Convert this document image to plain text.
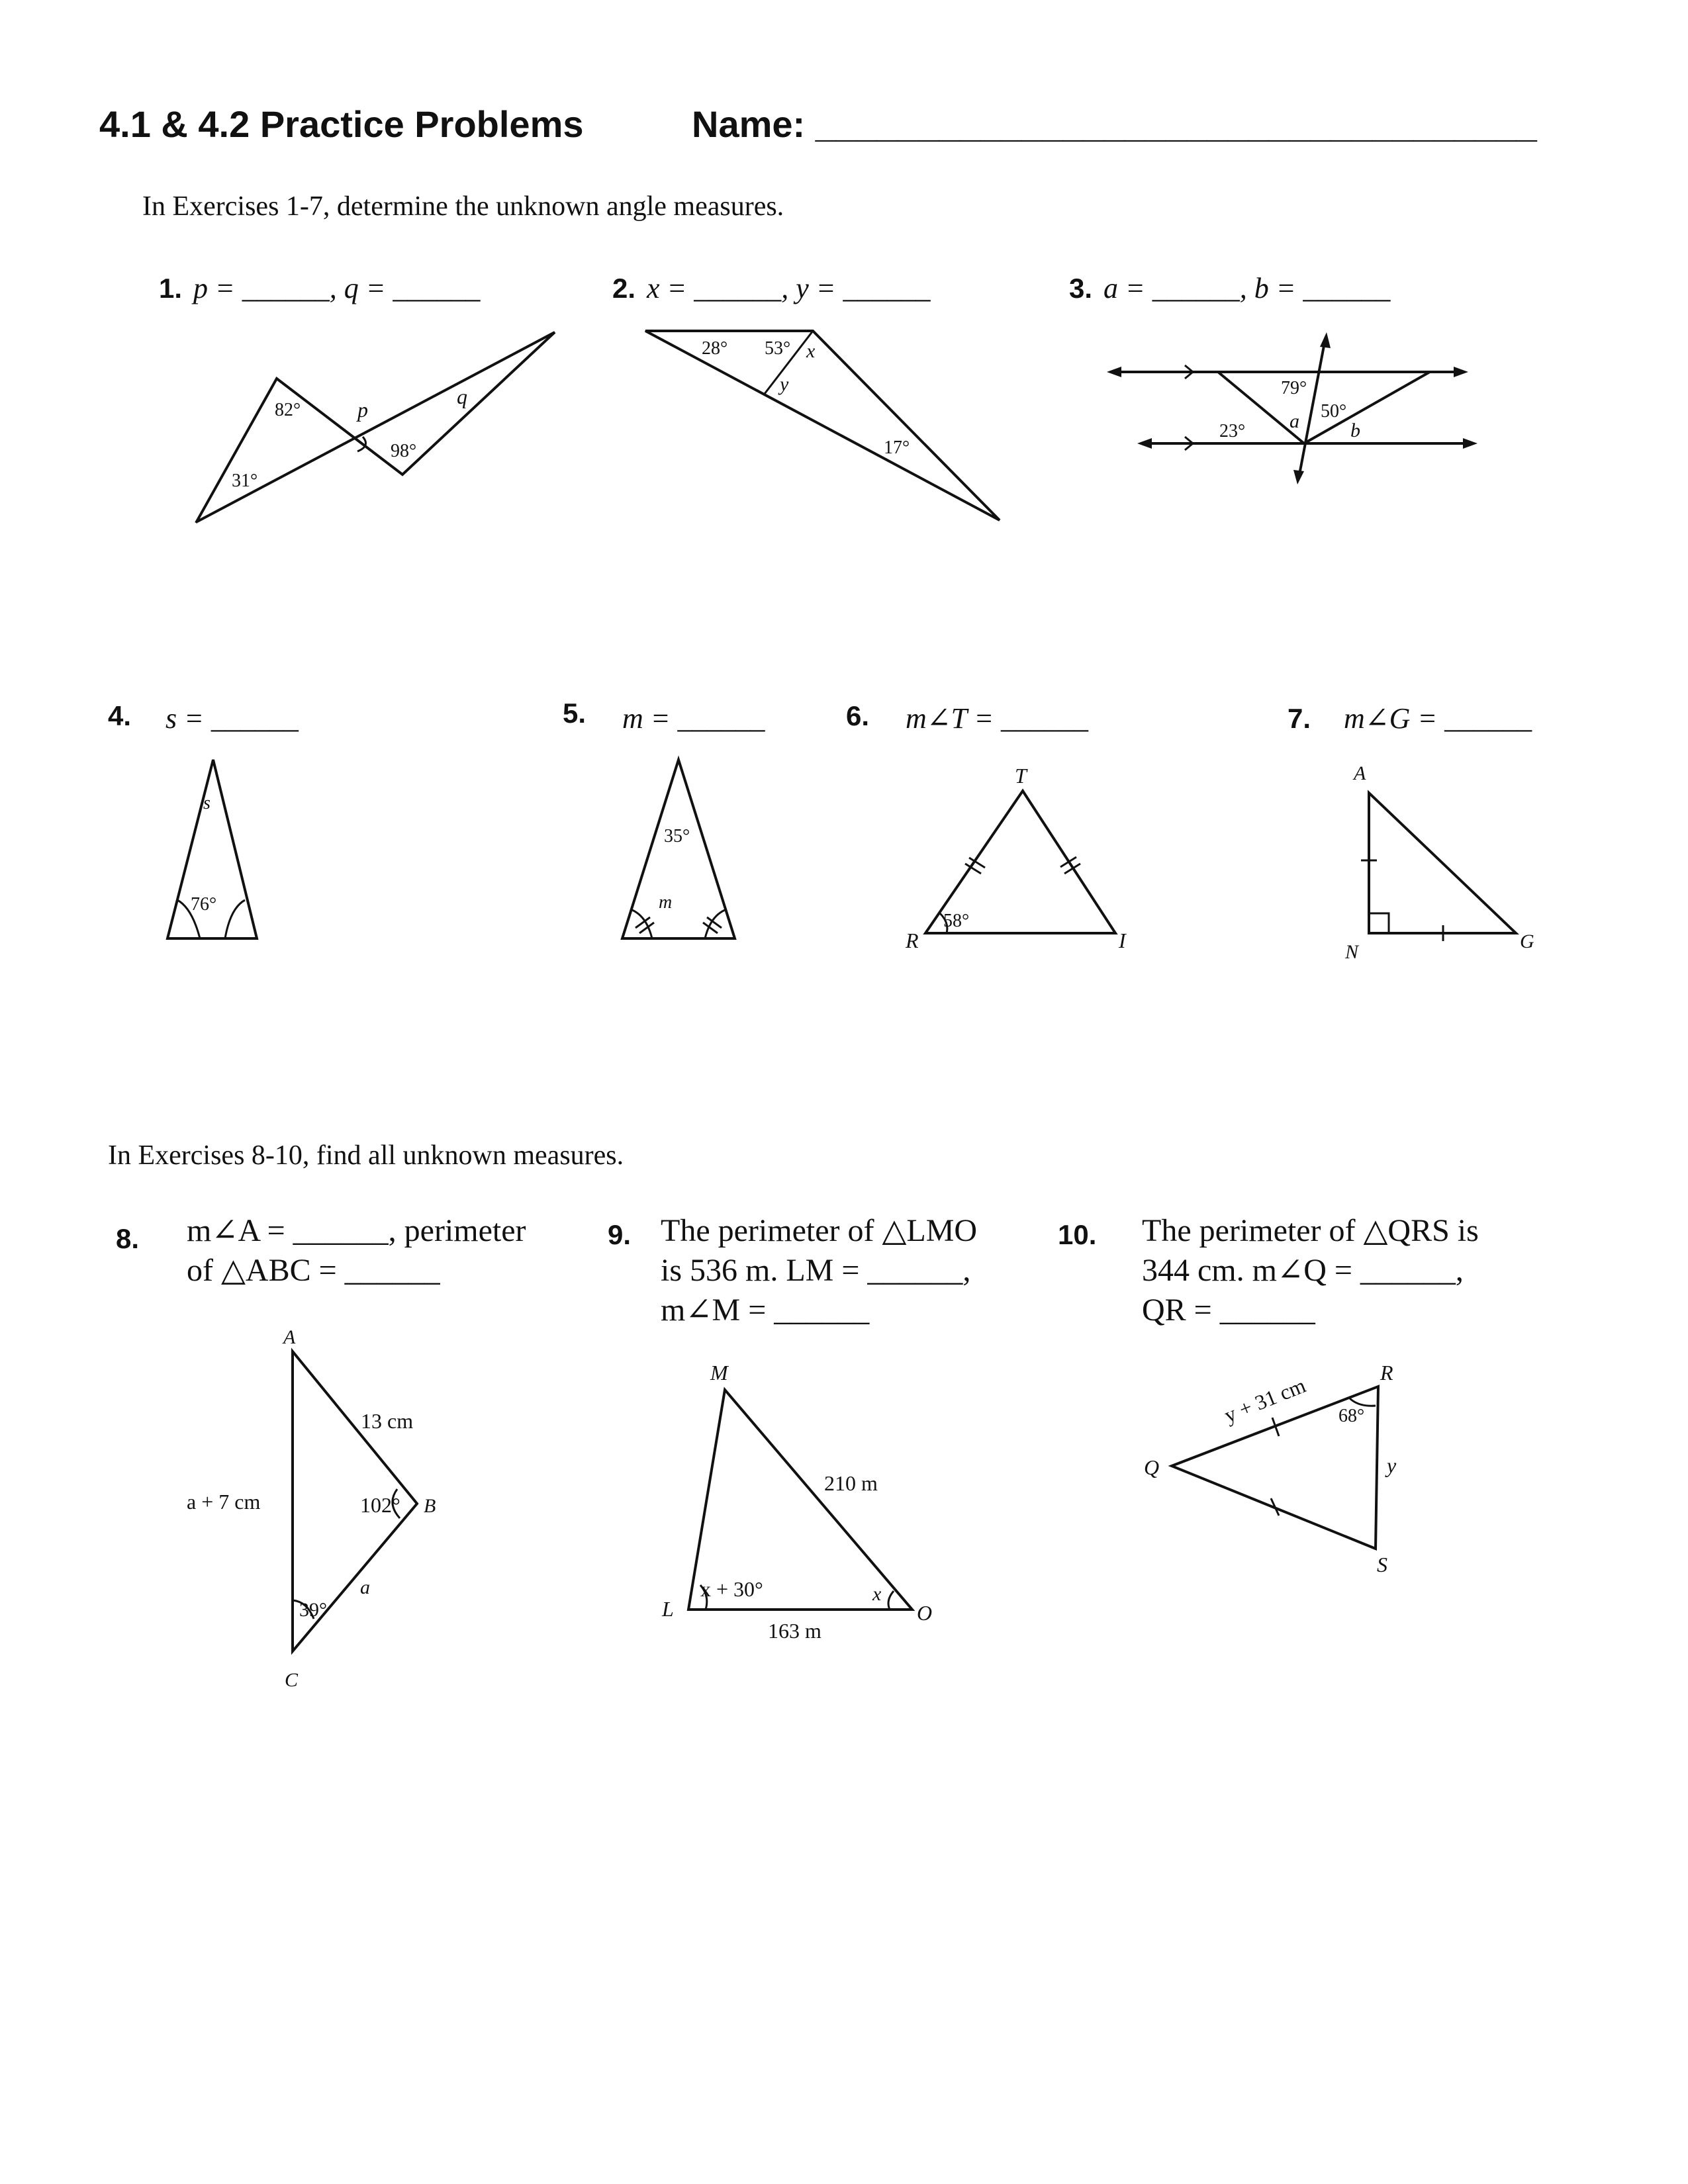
4.1 & 4.2 Practice Problems	Name: ___________________________________
In Exercises 1-7, determine the unknown angle measures.
1. p = ______, q = ______	2. x = ______, y = ______	3. a = ______, b = ______
4. s = ______	5. m = ______	6. m∠T = ______	7. m∠G = ______
In Exercises 8-10, find all unknown measures.
8. m∠A = ______, perimeter
of △ABC = ______
9. The perimeter of △LMO
is 536 m. LM = ______,
m∠M = ______
10. The perimeter of △QRS is
344 cm. m∠Q = ______,
QR = ______
82°	p
q
98°
31°
28° 53° x
y
17°
79°
50°
a
23°	b
s
76°
35°
m
T
R	I
58°
A
N	G
A
13 cm
a + 7 cm	102° B
39°
a
C
M
210 m
x + 30°	x
L	O
163 m
y + 31 cm
R
68°
Q	y
S
